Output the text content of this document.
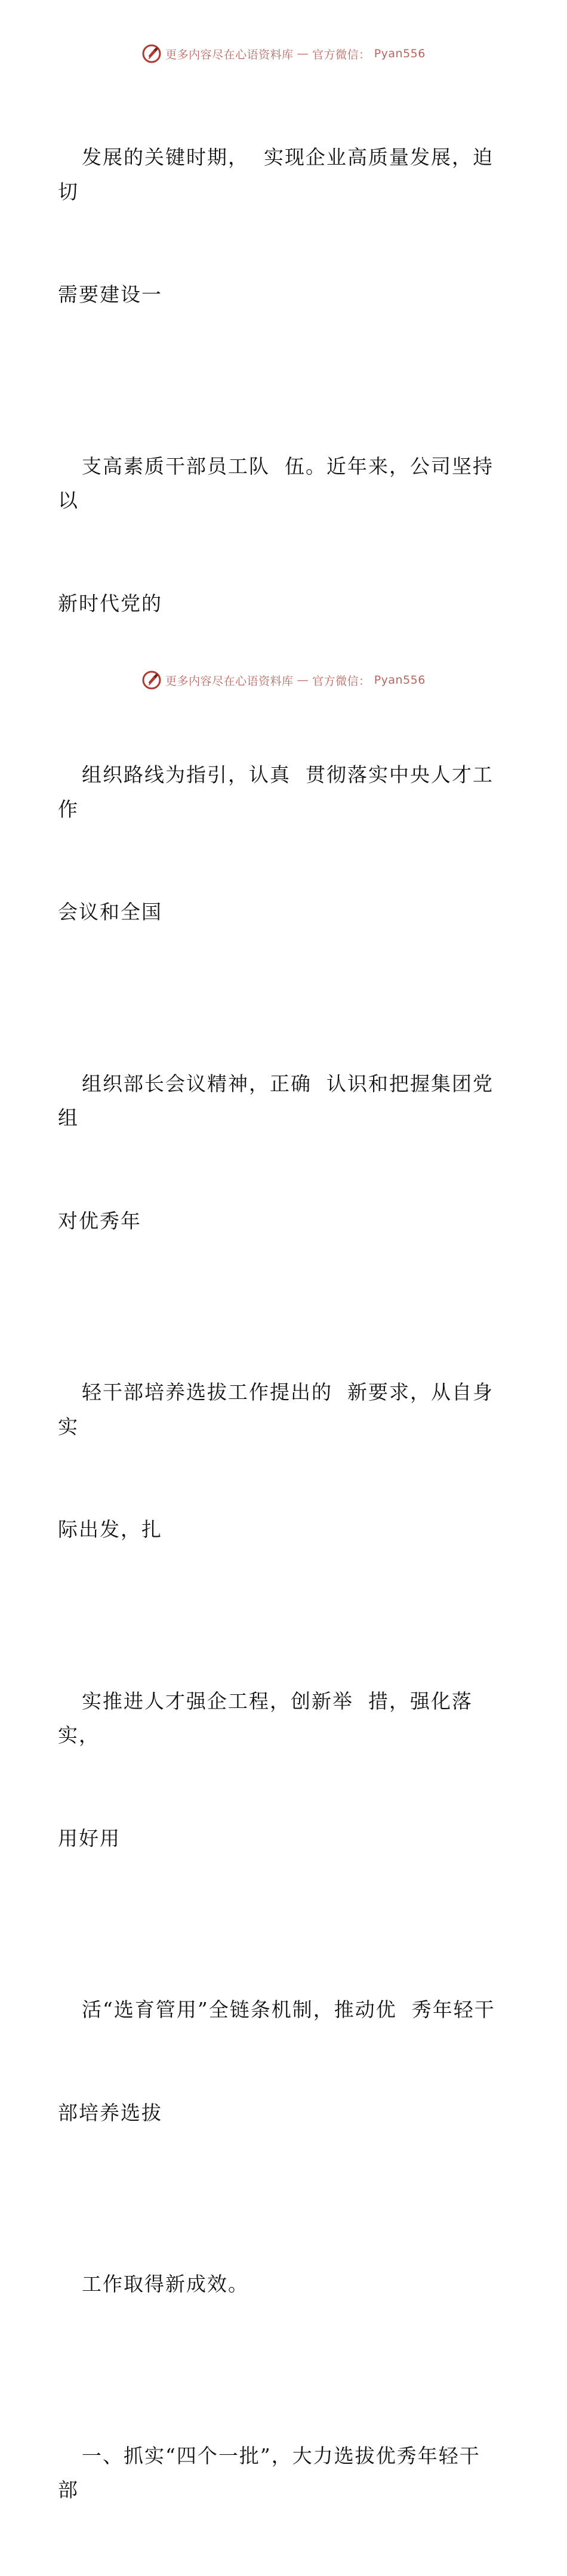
更多内容尽在心语资料库 — 官方微信： Pyan556

发展的关键时期，  实现企业高质量发展，迫切

需要建设一

支高素质干部员工队  伍。近年来，公司坚持以

新时代党的

组织路线为指引，认真  贯彻落实中央人才工作

会议和全国

组织部长会议精神，正确  认识和把握集团党组

对优秀年

轻干部培养选拔工作提出的  新要求，从自身实

际出发，扎

实推进人才强企工程，创新举  措，强化落实，

用好用

活“选育管用”全链条机制，推动优  秀年轻干

部培养选拔

工作取得新成效。

一、抓实“四个一批”，大力选拔优秀年轻干部

更多内容尽在心语资料库 — 官方微信： Pyan556
